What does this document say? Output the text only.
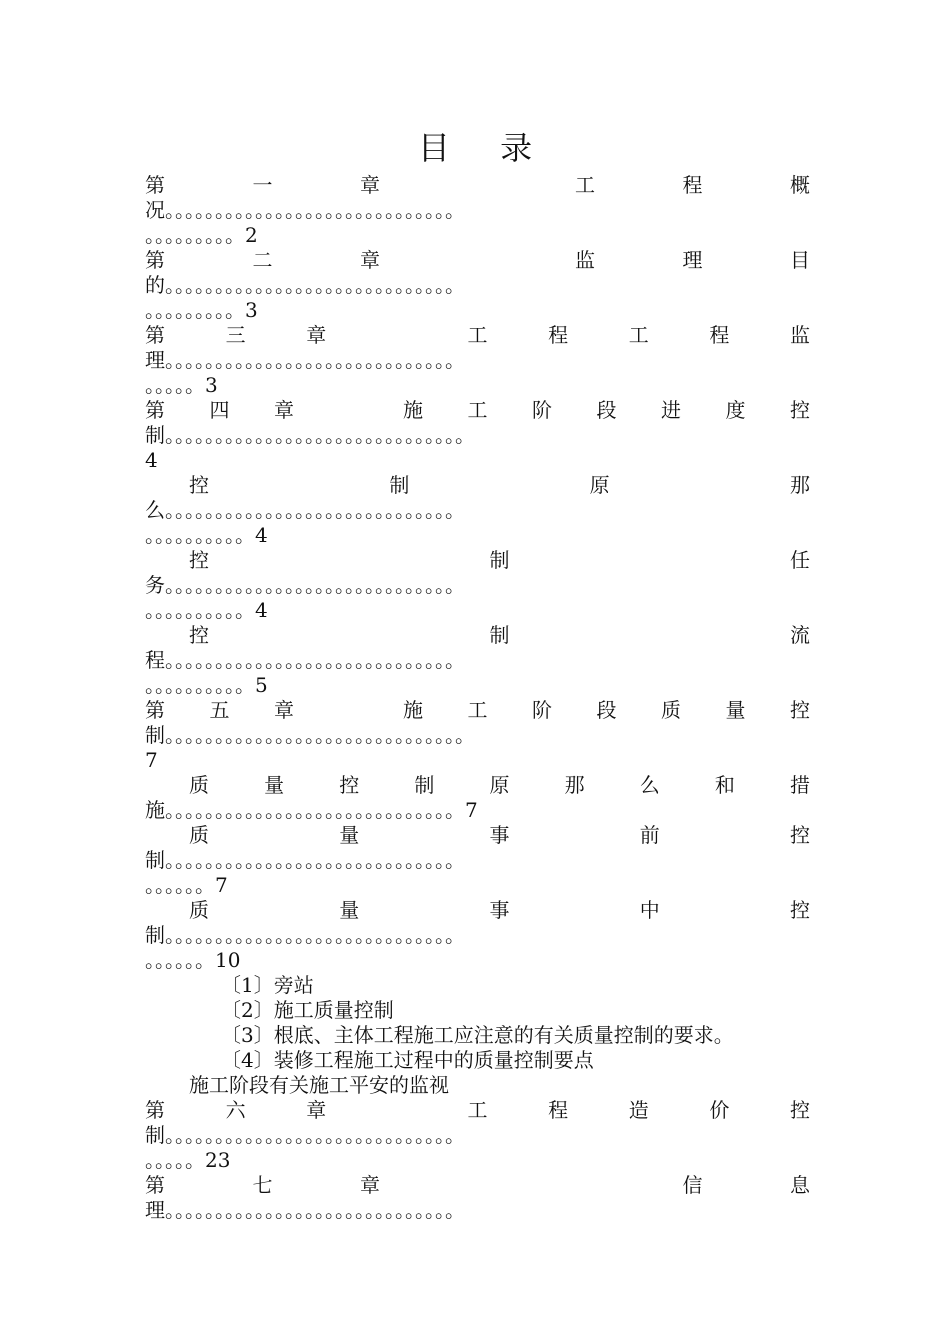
目 录
第	一	章	工	程	概
况。。。。。。。。。。。。。。。。。。。。。。。。。。。。。
。。。。。。。。。2
第	二	章	监	理	目
的。。。。。。。。。。。。。。。。。。。。。。。。。。。。。
。。。。。。。。。3
第	三	章	工	程	工	程	监
理。。。。。。。。。。。。。。。。。。。。。。。。。。。。。
。。。。。3
第 四 章	施 工 阶 段 进 度 控
制。。。。。。。。。。。。。。。。。。。。。。。。。。。。。。
4
控	制	原	那
么。。。。。。。。。。。。。。。。。。。。。。。。。。。。。
。。。。。。。。。。4
控	制	任
务。。。。。。。。。。。。。。。。。。。。。。。。。。。。。
。。。。。。。。。。4
控	制	流
程。。。。。。。。。。。。。。。。。。。。。。。。。。。。。
。。。。。。。。。。5
第 五 章	施 工 阶 段 质 量 控
制。。。。。。。。。。。。。。。。。。。。。。。。。。。。。。
7
质	量	控	制	原	那	么	和	措
施。。。。。。。。。。。。。。。。。。。。。。。。。。。。。7
质	量	事	前	控
制。。。。。。。。。。。。。。。。。。。。。。。。。。。。。
。。。。。。7
质	量	事	中	控
制。。。。。。。。。。。。。。。。。。。。。。。。。。。。。
。。。。。。10
〔1〕旁站
〔2〕施工质量控制
〔3〕根底、主体工程施工应注意的有关质量控制的要求。
〔4〕装修工程施工过程中的质量控制要点
施工阶段有关施工平安的监视
第	六	章	工	程	造	价	控
制。。。。。。。。。。。。。。。。。。。。。。。。。。。。。
。。。。。23
第	七	章	信	息
理。。。。。。。。。。。。。。。。。。。。。。。。。。。。。
